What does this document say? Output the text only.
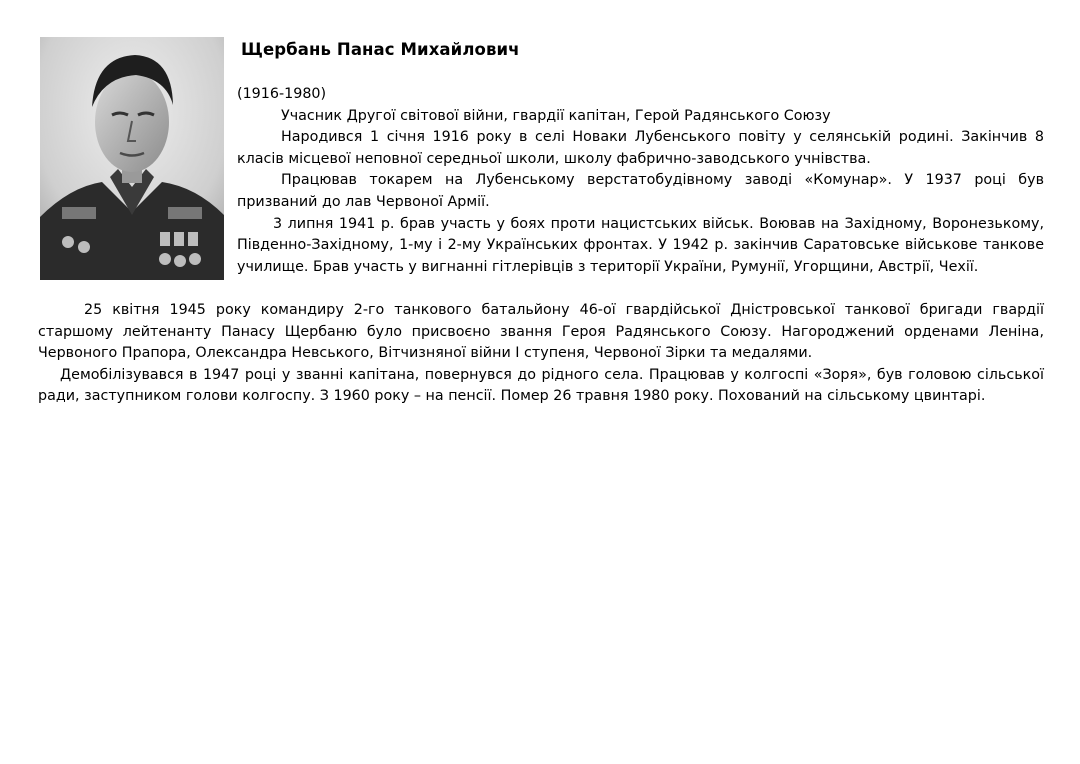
Щербань Панас Михайлович

(1916-1980)

Учасник Другої світової війни, гвардії капітан, Герой Радянського Союзу

Народився 1 січня 1916 року в селі Новаки Лубенського повіту у селянській родині. Закінчив 8 класів місцевої неповної середньої школи, школу фабрично-заводського учнівства.

Працював токарем на Лубенському верстатобудівному заводі «Комунар». У 1937 році був призваний до лав Червоної Армії.

3 липня 1941 р. брав участь у боях проти нацистських військ. Воював на Західному, Воронезькому, Південно-Західному, 1-му і 2-му Українських фронтах. У 1942 р. закінчив Саратовське військове танкове училище. Брав участь у вигнанні гітлерівців з території України, Румунії, Угорщини, Австрії, Чехії.

25 квітня 1945 року командиру 2-го танкового батальйону 46-ої гвардійської Дністровської танкової бригади гвардії старшому лейтенанту Панасу Щербаню було присвоєно звання Героя Радянського Союзу. Нагороджений орденами Леніна, Червоного Прапора, Олександра Невського, Вітчизняної війни І ступеня, Червоної Зірки та медалями.

Демобілізувався в 1947 році у званні капітана, повернувся до рідного села. Працював у колгоспі «Зоря», був головою сільської ради, заступником голови колгоспу. З 1960 року – на пенсії. Помер 26 травня 1980 року. Похований на сільському цвинтарі.
